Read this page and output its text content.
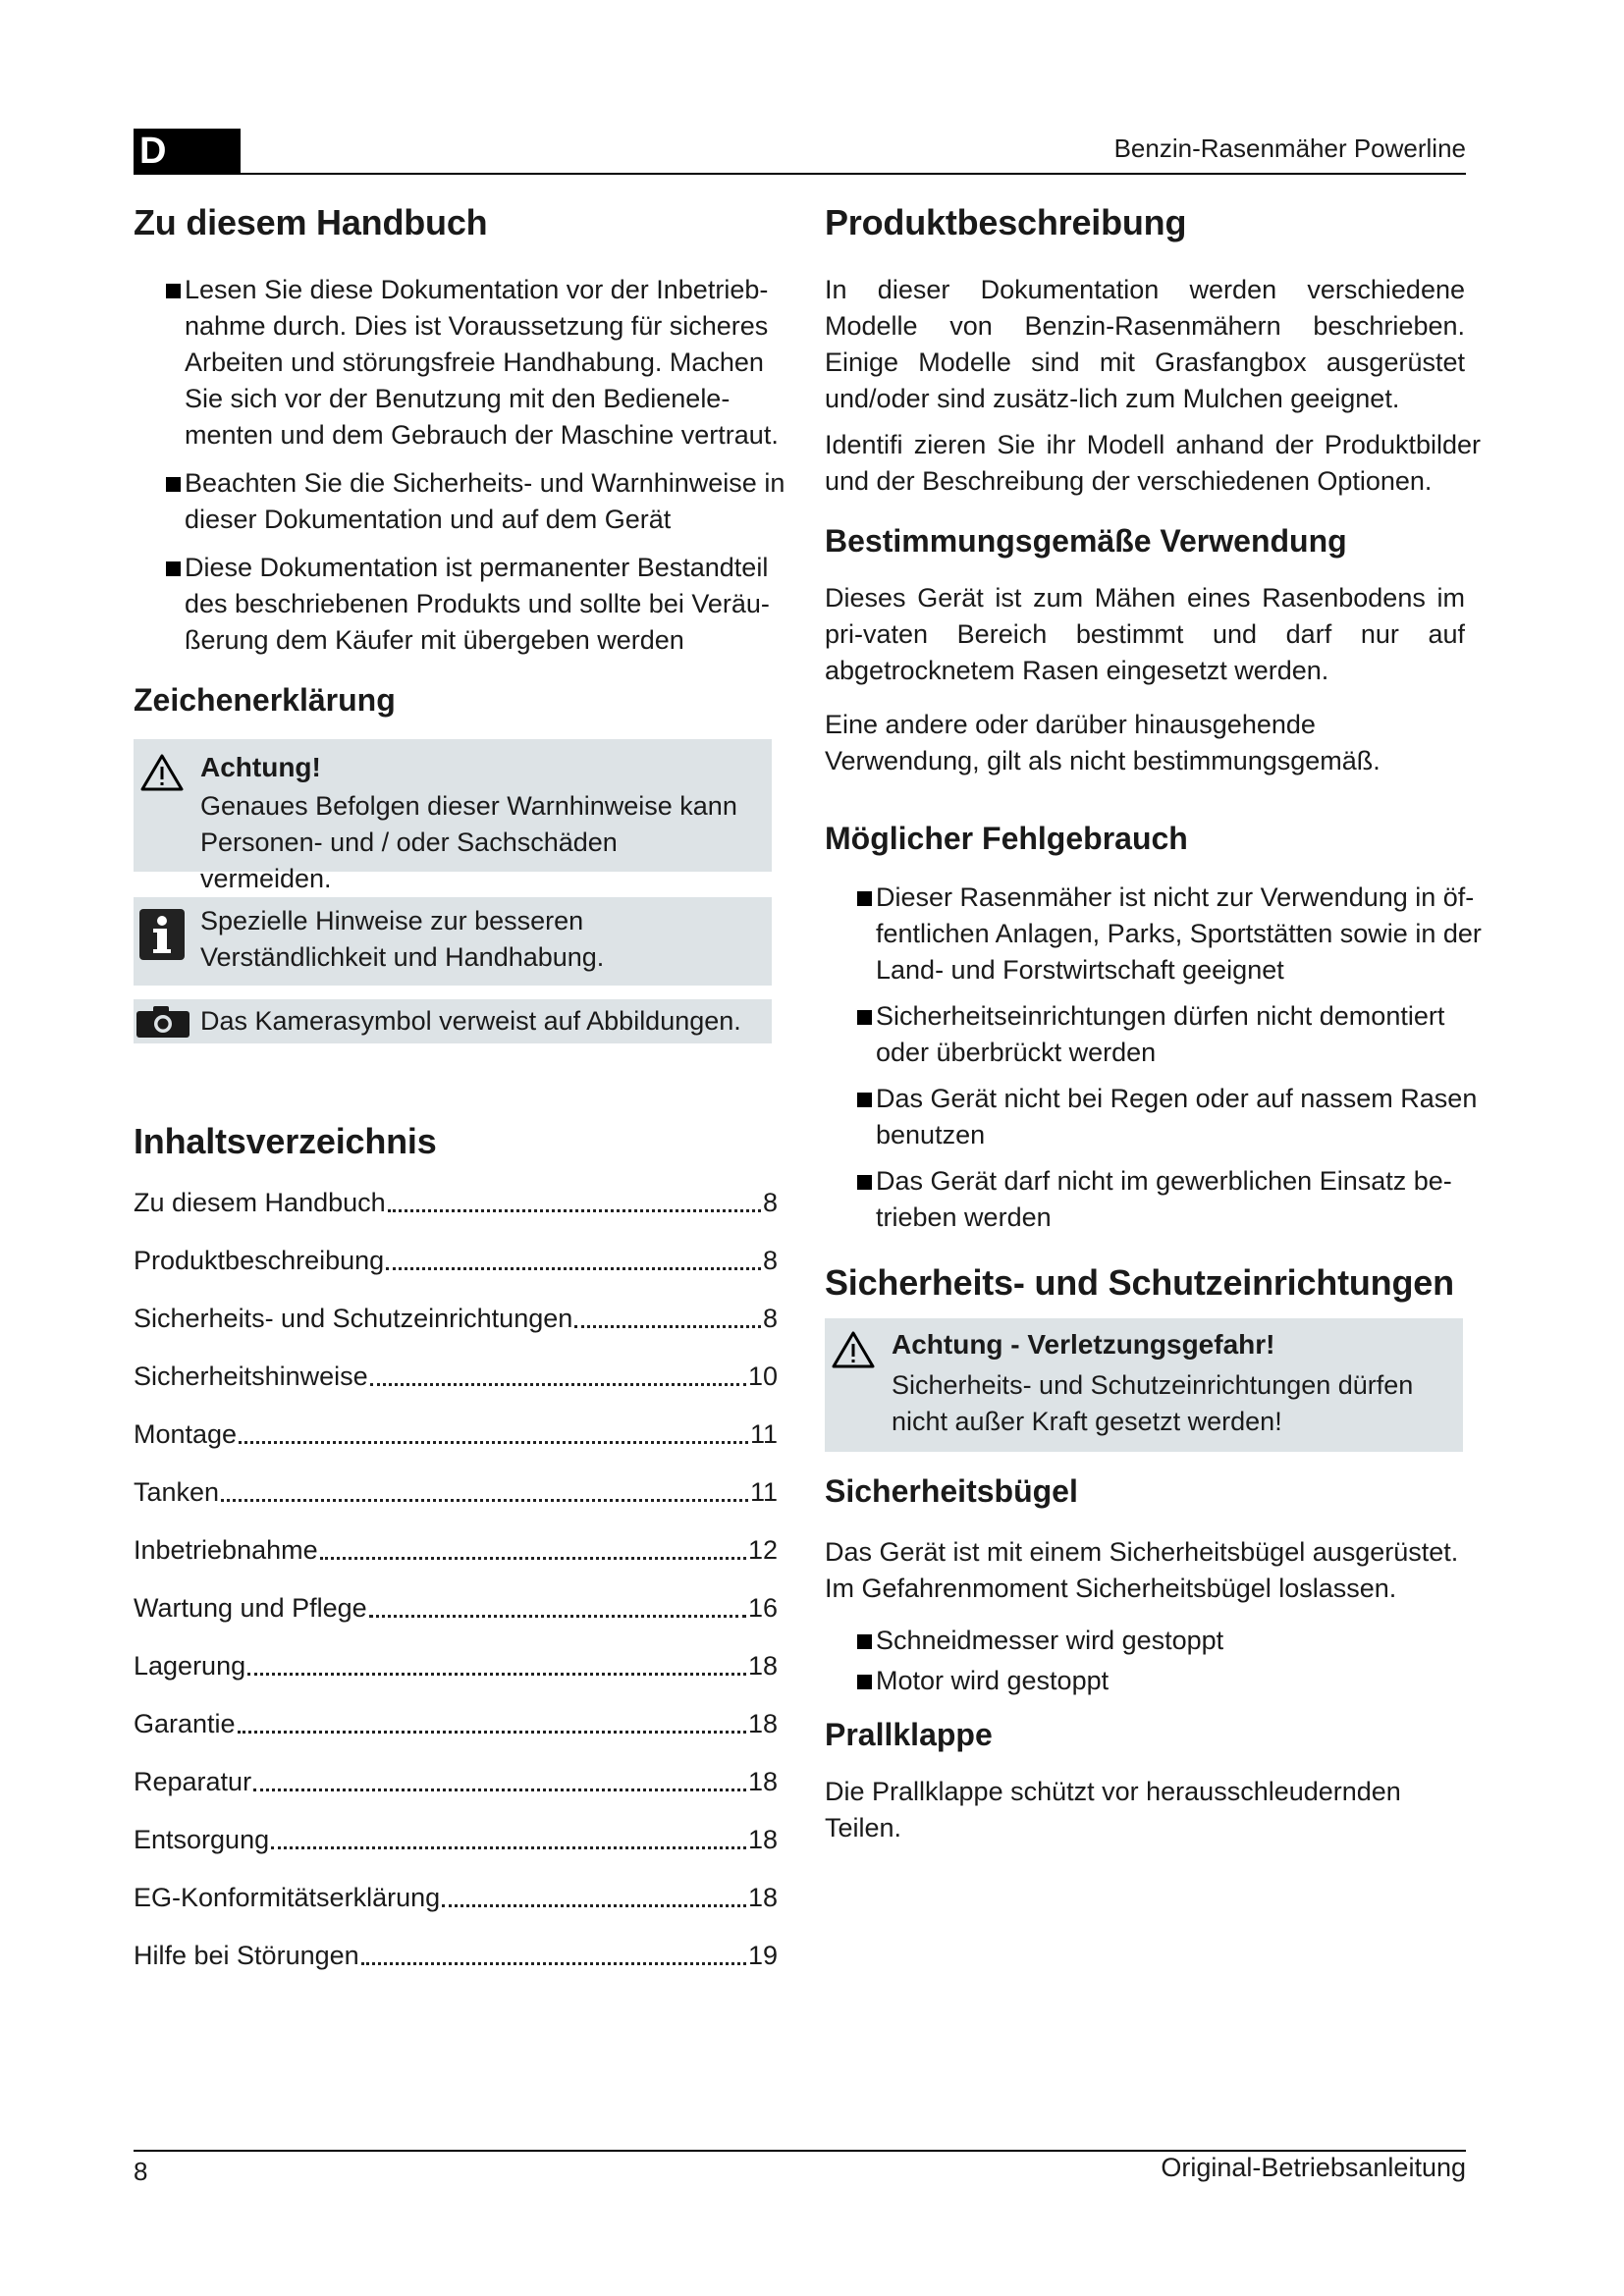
D	Benzin-Rasenmäher Powerline
Zu diesem Handbuch
Lesen Sie diese Dokumentation vor der Inbetrieb-nahme durch. Dies ist Voraussetzung für sicheres Arbeiten und störungsfreie Handhabung. Machen Sie sich vor der Benutzung mit den Bedienele-menten und dem Gebrauch der Maschine vertraut.
Beachten Sie die Sicherheits- und Warnhinweise in dieser Dokumentation und auf dem Gerät
Diese Dokumentation ist permanenter Bestandteil des beschriebenen Produkts und sollte bei Veräu-ßerung dem Käufer mit übergeben werden
Zeichenerklärung
Achtung!
Genaues Befolgen dieser Warnhinweise kann Personen- und / oder Sachschäden vermeiden.
Spezielle Hinweise zur besseren Verständlichkeit und Handhabung.
Das Kamerasymbol verweist auf Abbildungen.
Inhaltsverzeichnis
Zu diesem Handbuch	8
Produktbeschreibung	8
Sicherheits- und Schutzeinrichtungen	8
Sicherheitshinweise	10
Montage	11
Tanken	11
Inbetriebnahme	12
Wartung und Pflege	16
Lagerung	18
Garantie	18
Reparatur	18
Entsorgung	18
EG-Konformitätserklärung	18
Hilfe bei Störungen	19
Produktbeschreibung

In dieser Dokumentation werden verschiedene Modelle von Benzin-Rasenmähern beschrieben. Einige Modelle sind mit Grasfangbox ausgerüstet und/oder sind zusätz-lich zum Mulchen geeignet.

Identifi zieren Sie ihr Modell anhand der Produktbilder und der Beschreibung der verschiedenen Optionen.

Bestimmungsgemäße Verwendung

Dieses Gerät ist zum Mähen eines Rasenbodens im pri-vaten Bereich bestimmt und darf nur auf abgetrocknetem Rasen eingesetzt werden.

Eine andere oder darüber hinausgehende Verwendung, gilt als nicht bestimmungsgemäß.

Möglicher Fehlgebrauch
Dieser Rasenmäher ist nicht zur Verwendung in öf-fentlichen Anlagen, Parks, Sportstätten sowie in der Land- und Forstwirtschaft geeignet
Sicherheitseinrichtungen dürfen nicht demontiert oder überbrückt werden
Das Gerät nicht bei Regen oder auf nassem Rasen benutzen
Das Gerät darf nicht im gewerblichen Einsatz be-trieben werden
Sicherheits- und Schutzeinrichtungen
Achtung - Verletzungsgefahr!
Sicherheits- und Schutzeinrichtungen dürfen nicht außer Kraft gesetzt werden!
Sicherheitsbügel

Das Gerät ist mit einem Sicherheitsbügel ausgerüstet. Im Gefahrenmoment Sicherheitsbügel loslassen.

Schneidmesser wird gestoppt
Motor wird gestoppt
Prallklappe

Die Prallklappe schützt vor herausschleudernden Teilen.

8	Original-Betriebsanleitung
